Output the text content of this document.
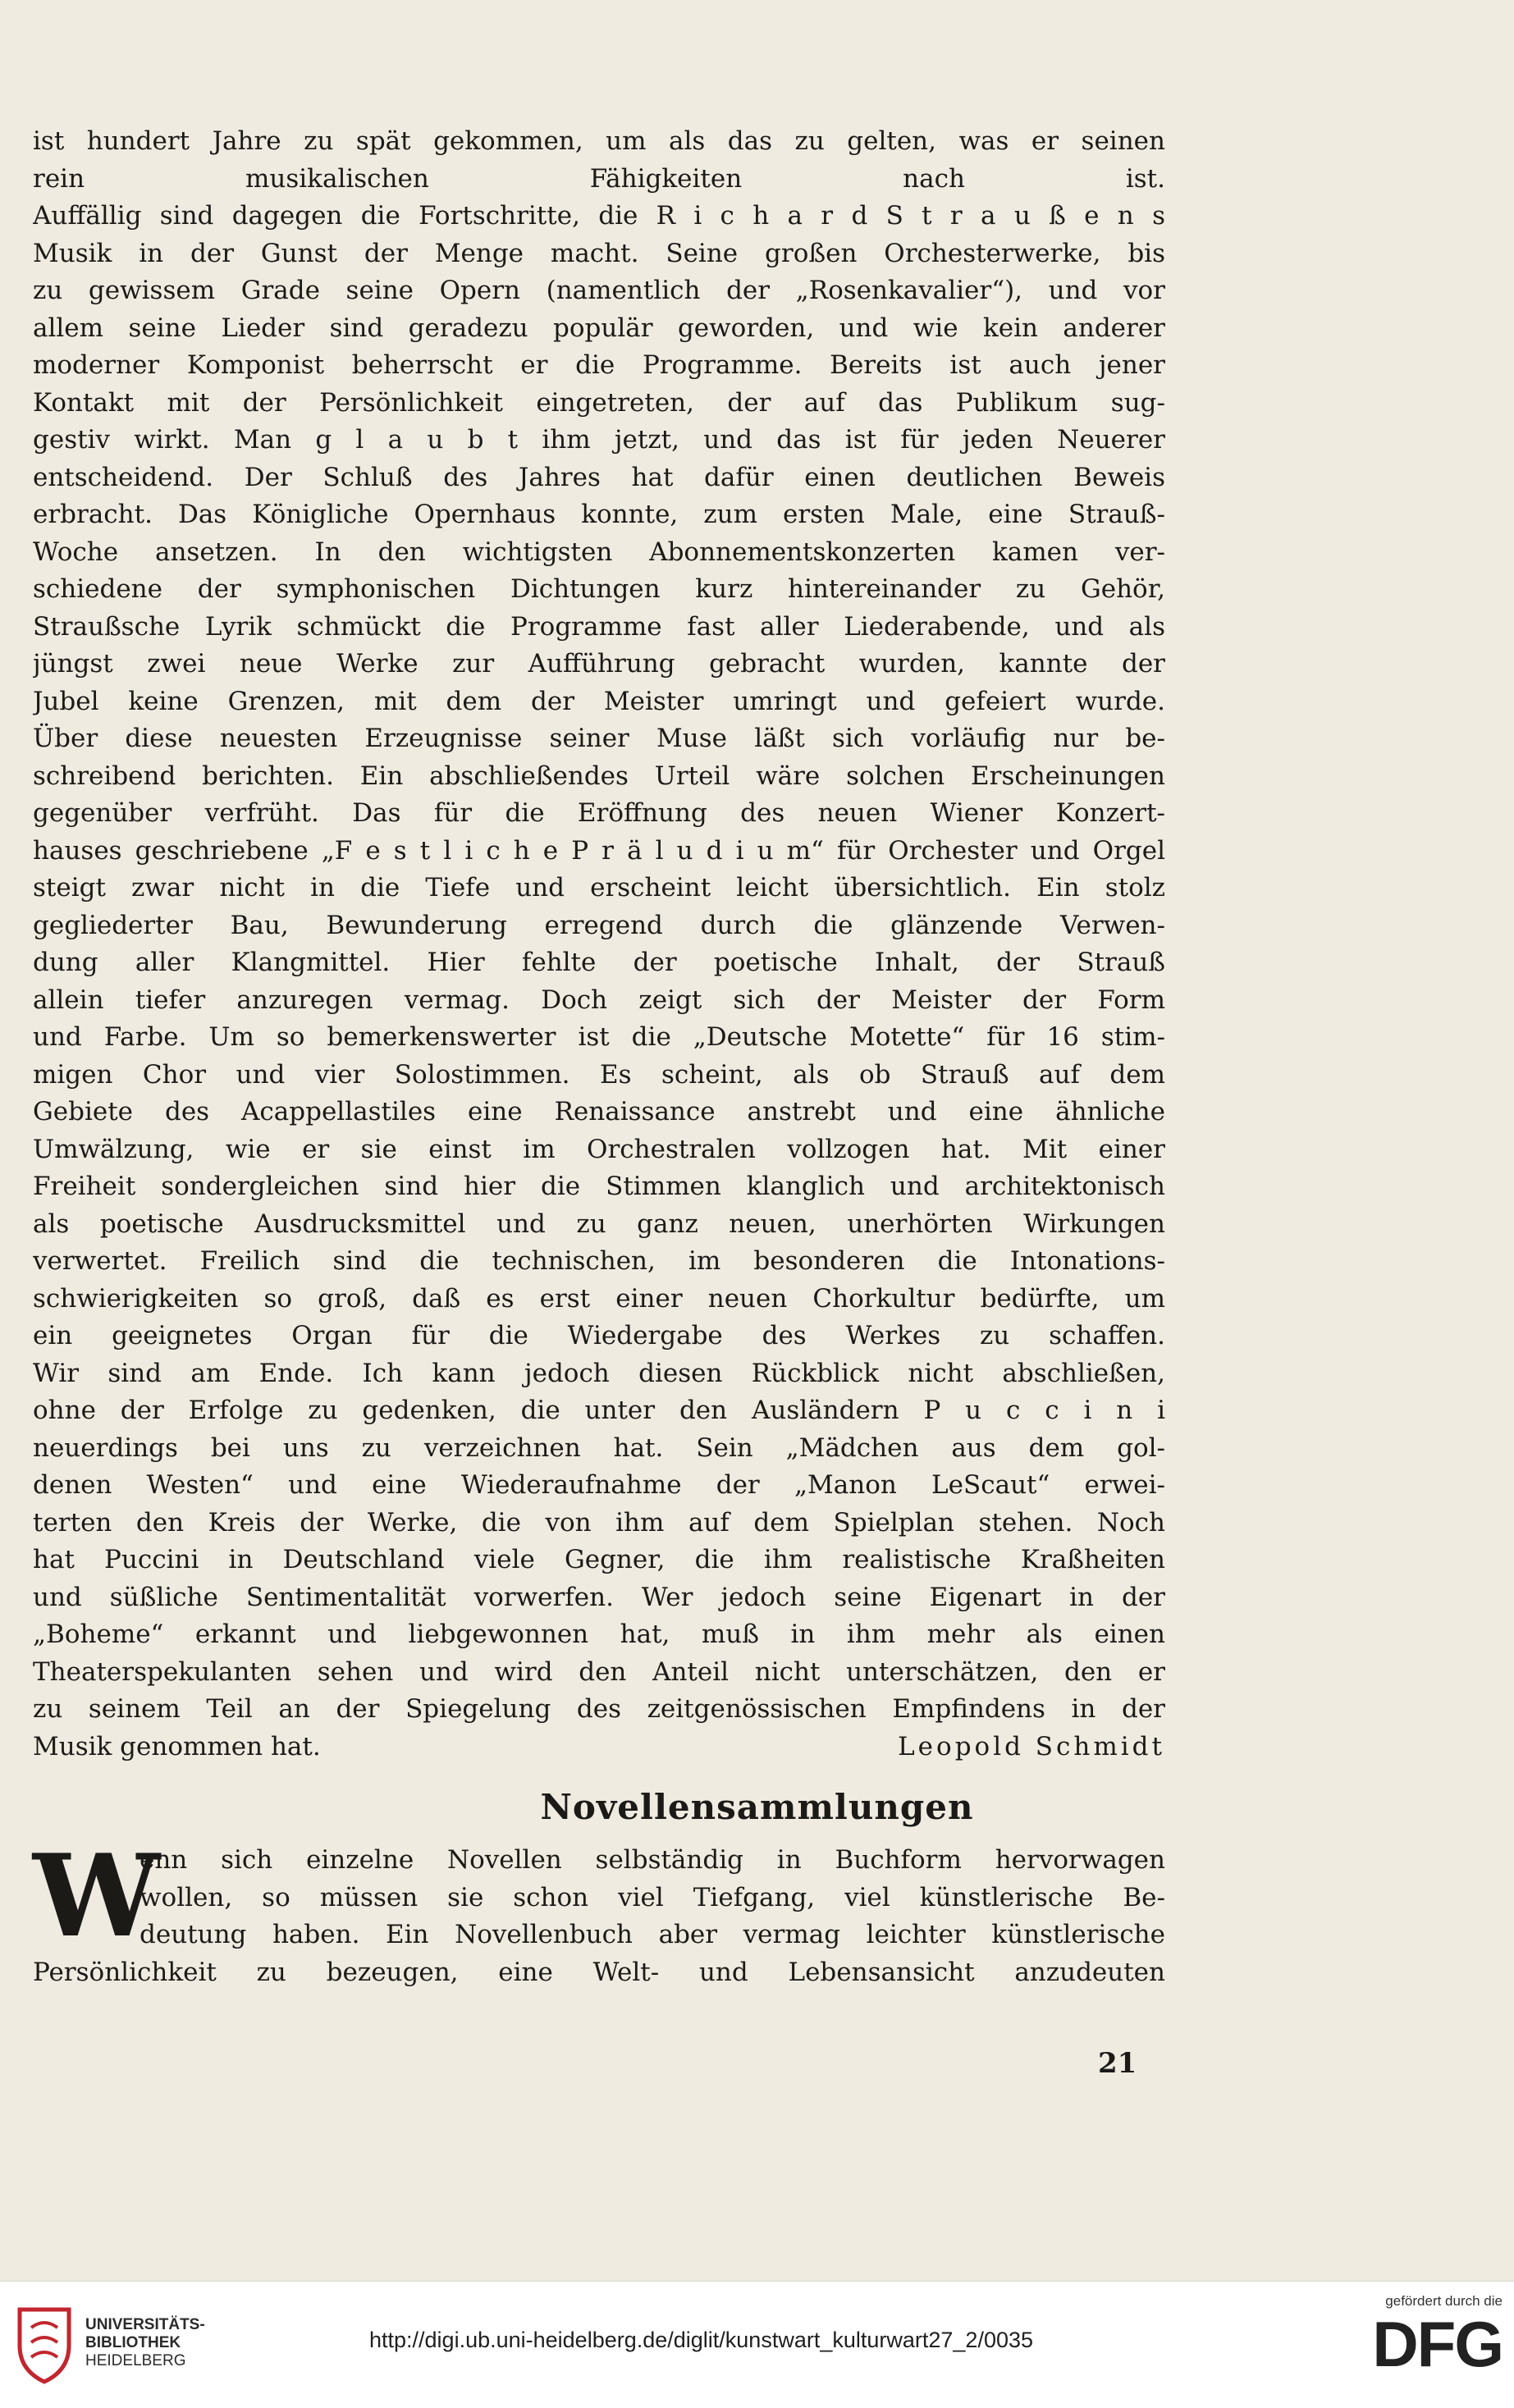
ist hundert Jahre zu spät gekommen, um als das zu gelten, was er seinen
rein musikalischen Fähigkeiten nach ist.
Auffällig sind dagegen die Fortschritte, die R i c h a r d S t r a u ß e n s
Musik in der Gunst der Menge macht. Seine großen Orchesterwerke, bis
zu gewissem Grade seine Opern (namentlich der „Rosenkavalier“), und vor
allem seine Lieder sind geradezu populär geworden, und wie kein anderer
moderner Komponist beherrscht er die Programme. Bereits ist auch jener
Kontakt mit der Persönlichkeit eingetreten, der auf das Publikum sug-
gestiv wirkt. Man g l a u b t ihm jetzt, und das ist für jeden Neuerer
entscheidend. Der Schluß des Jahres hat dafür einen deutlichen Beweis
erbracht. Das Königliche Opernhaus konnte, zum ersten Male, eine Strauß-
Woche ansetzen. In den wichtigsten Abonnementskonzerten kamen ver-
schiedene der symphonischen Dichtungen kurz hintereinander zu Gehör,
Straußsche Lyrik schmückt die Programme fast aller Liederabende, und als
jüngst zwei neue Werke zur Aufführung gebracht wurden, kannte der
Jubel keine Grenzen, mit dem der Meister umringt und gefeiert wurde.
Über diese neuesten Erzeugnisse seiner Muse läßt sich vorläufig nur be-
schreibend berichten. Ein abschließendes Urteil wäre solchen Erscheinungen
gegenüber verfrüht. Das für die Eröffnung des neuen Wiener Konzert-
hauses geschriebene „F e s t l i c h e P r ä l u d i u m“ für Orchester und Orgel
steigt zwar nicht in die Tiefe und erscheint leicht übersichtlich. Ein stolz
gegliederter Bau, Bewunderung erregend durch die glänzende Verwen-
dung aller Klangmittel. Hier fehlte der poetische Inhalt, der Strauß
allein tiefer anzuregen vermag. Doch zeigt sich der Meister der Form
und Farbe. Um so bemerkenswerter ist die „Deutsche Motette“ für 16 stim-
migen Chor und vier Solostimmen. Es scheint, als ob Strauß auf dem
Gebiete des Acappellastiles eine Renaissance anstrebt und eine ähnliche
Umwälzung, wie er sie einst im Orchestralen vollzogen hat. Mit einer
Freiheit sondergleichen sind hier die Stimmen klanglich und architektonisch
als poetische Ausdrucksmittel und zu ganz neuen, unerhörten Wirkungen
verwertet. Freilich sind die technischen, im besonderen die Intonations-
schwierigkeiten so groß, daß es erst einer neuen Chorkultur bedürfte, um
ein geeignetes Organ für die Wiedergabe des Werkes zu schaffen.
Wir sind am Ende. Ich kann jedoch diesen Rückblick nicht abschließen,
ohne der Erfolge zu gedenken, die unter den Ausländern P u c c i n i
neuerdings bei uns zu verzeichnen hat. Sein „Mädchen aus dem gol-
denen Westen“ und eine Wiederaufnahme der „Manon LeScaut“ erwei-
terten den Kreis der Werke, die von ihm auf dem Spielplan stehen. Noch
hat Puccini in Deutschland viele Gegner, die ihm realistische Kraßheiten
und süßliche Sentimentalität vorwerfen. Wer jedoch seine Eigenart in der
„Boheme“ erkannt und liebgewonnen hat, muß in ihm mehr als einen
Theaterspekulanten sehen und wird den Anteil nicht unterschätzen, den er
zu seinem Teil an der Spiegelung des zeitgenössischen Empfindens in der
Musik genommen hat.	Leopold Schmidt
Novellensammlungen
W
enn sich einzelne Novellen selbständig in Buchform hervorwagen
wollen, so müssen sie schon viel Tiefgang, viel künstlerische Be-
deutung haben. Ein Novellenbuch aber vermag leichter künstlerische
Persönlichkeit zu bezeugen, eine Welt- und Lebensansicht anzudeuten
21
UNIVERSITÄTS-
BIBLIOTHEK
HEIDELBERG
http://digi.ub.uni-heidelberg.de/diglit/kunstwart_kulturwart27_2/0035
gefördert durch die
DFG
